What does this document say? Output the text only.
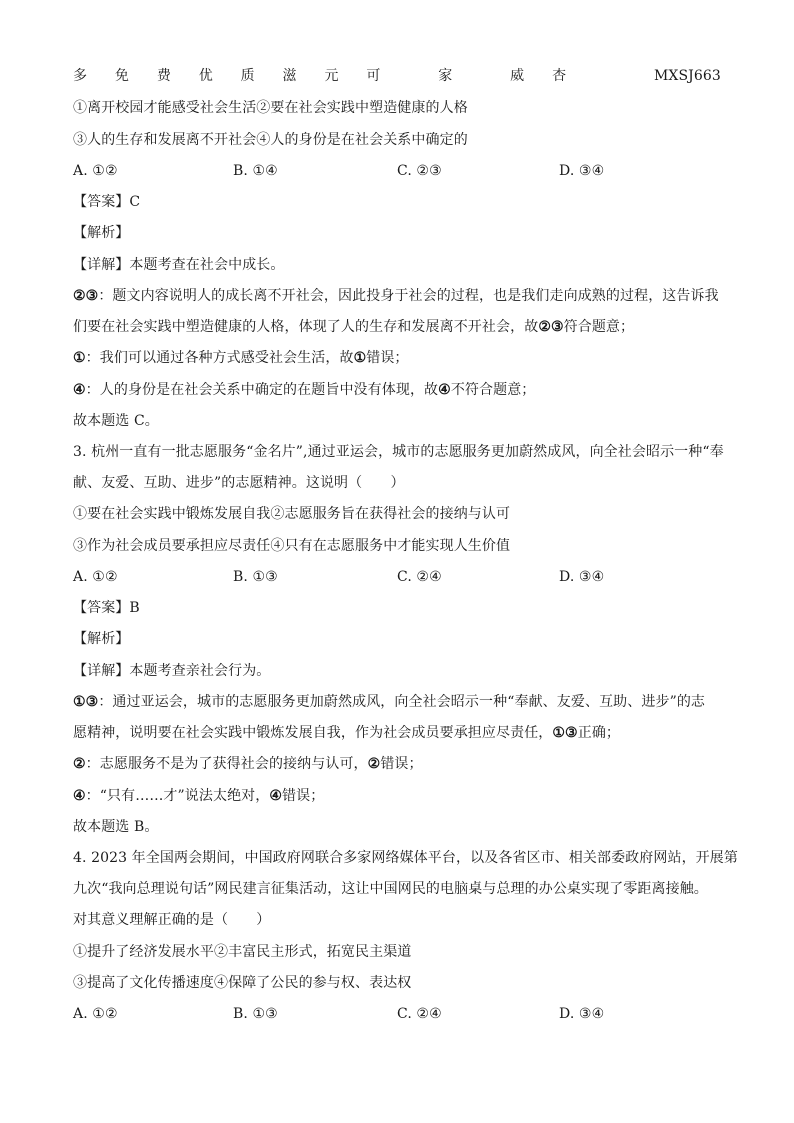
多 免 费 优 质 滋 元 可	家	威 杏	MXSJ663
①离开校园才能感受社会生活②要在社会实践中塑造健康的人格
③人的生存和发展离不开社会④人的身份是在社会关系中确定的
A. ①②	B. ①④	C. ②③	D. ③④
【答案】C
【解析】
【详解】本题考查在社会中成长。
②③：题文内容说明人的成长离不开社会，因此投身于社会的过程，也是我们走向成熟的过程，这告诉我
们要在社会实践中塑造健康的人格，体现了人的生存和发展离不开社会，故②③符合题意；
①：我们可以通过各种方式感受社会生活，故①错误；
④：人的身份是在社会关系中确定的在题旨中没有体现，故④不符合题意；
故本题选 C。
3. 杭州一直有一批志愿服务“金名片”,通过亚运会，城市的志愿服务更加蔚然成风，向全社会昭示一种“奉
献、友爱、互助、进步”的志愿精神。这说明（　　）
①要在社会实践中锻炼发展自我②志愿服务旨在获得社会的接纳与认可
③作为社会成员要承担应尽责任④只有在志愿服务中才能实现人生价值
A. ①②	B. ①③	C. ②④	D. ③④
【答案】B
【解析】
【详解】本题考查亲社会行为。
①③：通过亚运会，城市的志愿服务更加蔚然成风，向全社会昭示一种“奉献、友爱、互助、进步”的志
愿精神，说明要在社会实践中锻炼发展自我，作为社会成员要承担应尽责任，①③正确；
②：志愿服务不是为了获得社会的接纳与认可，②错误；
④：“只有……才”说法太绝对，④错误；
故本题选 B。
4. 2023 年全国两会期间，中国政府网联合多家网络媒体平台，以及各省区市、相关部委政府网站，开展第
九次“我向总理说句话”网民建言征集活动，这让中国网民的电脑桌与总理的办公桌实现了零距离接触。
对其意义理解正确的是（　　）
①提升了经济发展水平②丰富民主形式，拓宽民主渠道
③提高了文化传播速度④保障了公民的参与权、表达权
A. ①②	B. ①③	C. ②④	D. ③④
